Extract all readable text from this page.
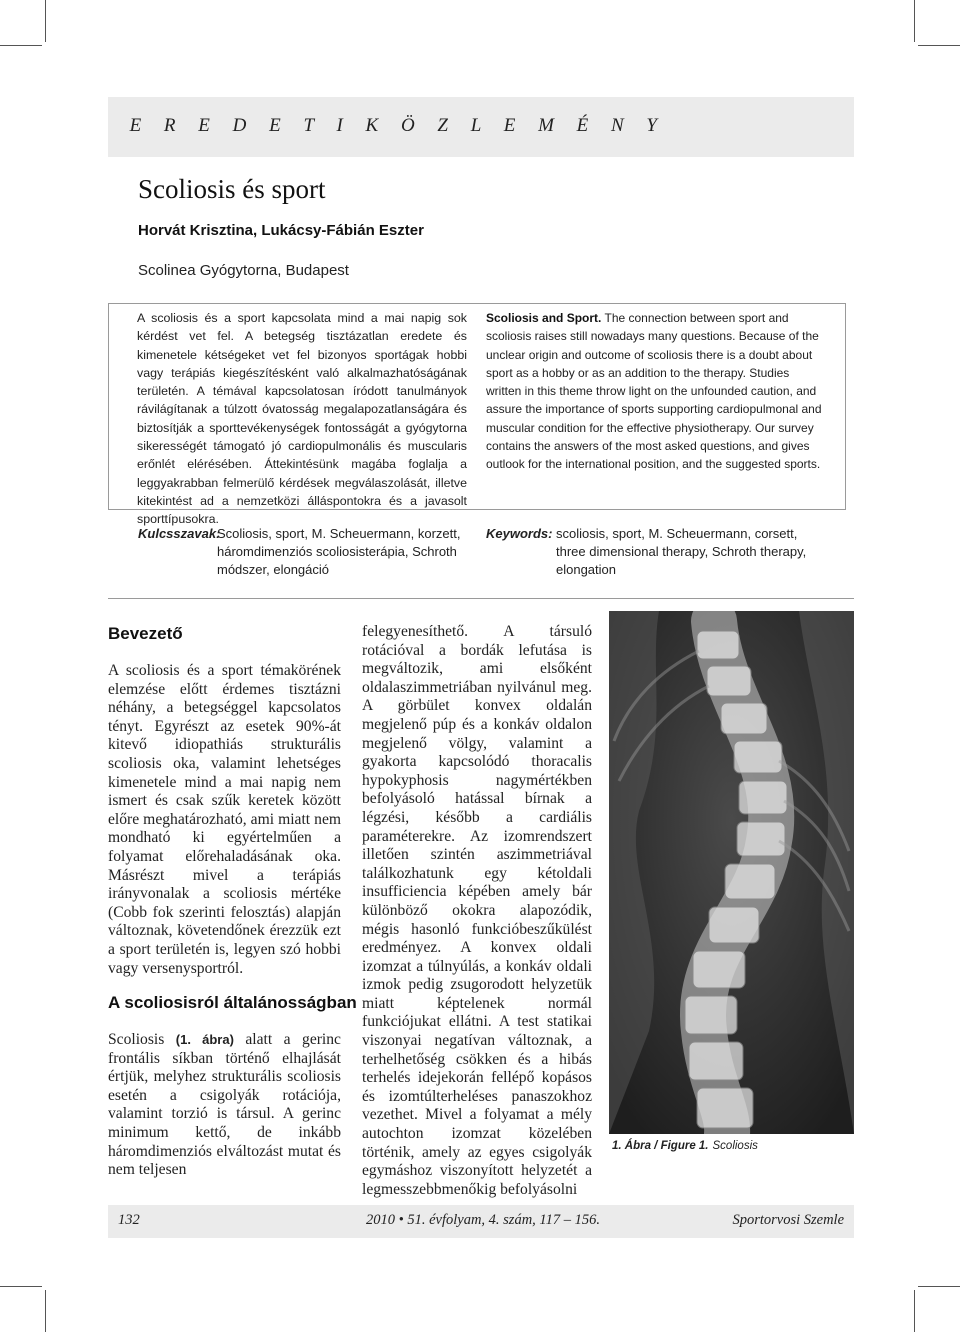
E R E D E T I K Ö Z L E M É N Y
Scoliosis és sport
Horvát Krisztina, Lukácsy-Fábián Eszter
Scolinea Gyógytorna, Budapest
A scoliosis és a sport kapcsolata mind a mai napig sok kérdést vet fel. A betegség tisztázatlan eredete és kimenetele kétségeket vet fel bizonyos sportágak hobbi vagy terápiás kiegészítésként való alkalmazhatóságának területén. A témával kapcsolatosan íródott tanulmányok rávilágítanak a túlzott óvatosság megalapozatlanságára és biztosítják a sporttevékenységek fontosságát a gyógytorna sikerességét támogató jó cardiopulmonális és muscularis erőnlét elérésében. Áttekintésünk magába foglalja a leggyakrabban felmerülő kérdések megválaszolását, illetve kitekintést ad a nemzetközi álláspontokra és a javasolt sporttípusokra.
Scoliosis and Sport. The connection between sport and scoliosis raises still nowadays many questions. Because of the unclear origin and outcome of scoliosis there is a doubt about sport as a hobby or as an addition to the therapy. Studies written in this theme throw light on the unfounded caution, and assure the importance of sports supporting cardiopulmonal and muscular condition for the effective physiotherapy. Our survey contains the answers of the most asked questions, and gives outlook for the international position, and the suggested sports.
Kulcsszavak:
Scoliosis, sport, M. Scheuermann, korzett, háromdimenziós scoliosisterápia, Schroth módszer, elongáció
Keywords: scoliosis, sport, M. Scheuermann, corsett, three dimensional therapy, Schroth therapy, elongation
Bevezető

A scoliosis és a sport témakörének elemzése előtt érdemes tisztázni néhány, a betegséggel kapcsolatos tényt. Egyrészt az esetek 90%-át kitevő idiopathiás strukturális scoliosis oka, valamint lehetséges kimenetele mind a mai napig nem ismert és csak szűk keretek között előre meghatározható, ami miatt nem mondható ki egyértelműen a folyamat előrehaladásának oka. Másrészt mivel a terápiás irányvonalak a scoliosis mértéke (Cobb fok szerinti felosztás) alapján változnak, követendőnek érezzük ezt a sport területén is, legyen szó hobbi vagy versenysportról.

A scoliosisról általánosságban

Scoliosis (1. ábra) alatt a gerinc frontális síkban történő elhajlását értjük, melyhez strukturális scoliosis esetén a csigolyák rotációja, valamint torzió is társul. A gerinc minimum kettő, de inkább háromdimenziós elváltozást mutat és nem teljesen

felegyenesíthető. A társuló rotációval a bordák lefutása is megváltozik, ami elsőként oldalaszimmetriában nyilvánul meg. A görbület konvex oldalán megjelenő púp és a konkáv oldalon megjelenő völgy, valamint a gyakorta kapcsolódó thoracalis hypokyphosis nagymértékben befolyásoló hatással bírnak a légzési, később a cardiális paraméterekre. Az izomrendszert illetően szintén aszimmetriával találkozhatunk egy kétoldali insufficiencia képében amely bár különböző okokra alapozódik, mégis hasonló funkcióbeszűkülést eredményez. A konvex oldali izomzat a túlnyúlás, a konkáv oldali izmok pedig zsugorodott helyzetük miatt képtelenek normál funkciójukat ellátni. A test statikai viszonyai negatívan változnak, a terhelhetőség csökken és a hibás terhelés idejekorán fellépő kopásos és izomtúlterheléses panaszokhoz vezethet. Mivel a folyamat a mély autochton izomzat közelében történik, amely az egyes csigolyák egymáshoz viszonyított helyzetét a legmesszebbmenőkig befolyásolni

1. Ábra / Figure 1. Scoliosis
132	2010 • 51. évfolyam, 4. szám, 117 – 156.	Sportorvosi Szemle
